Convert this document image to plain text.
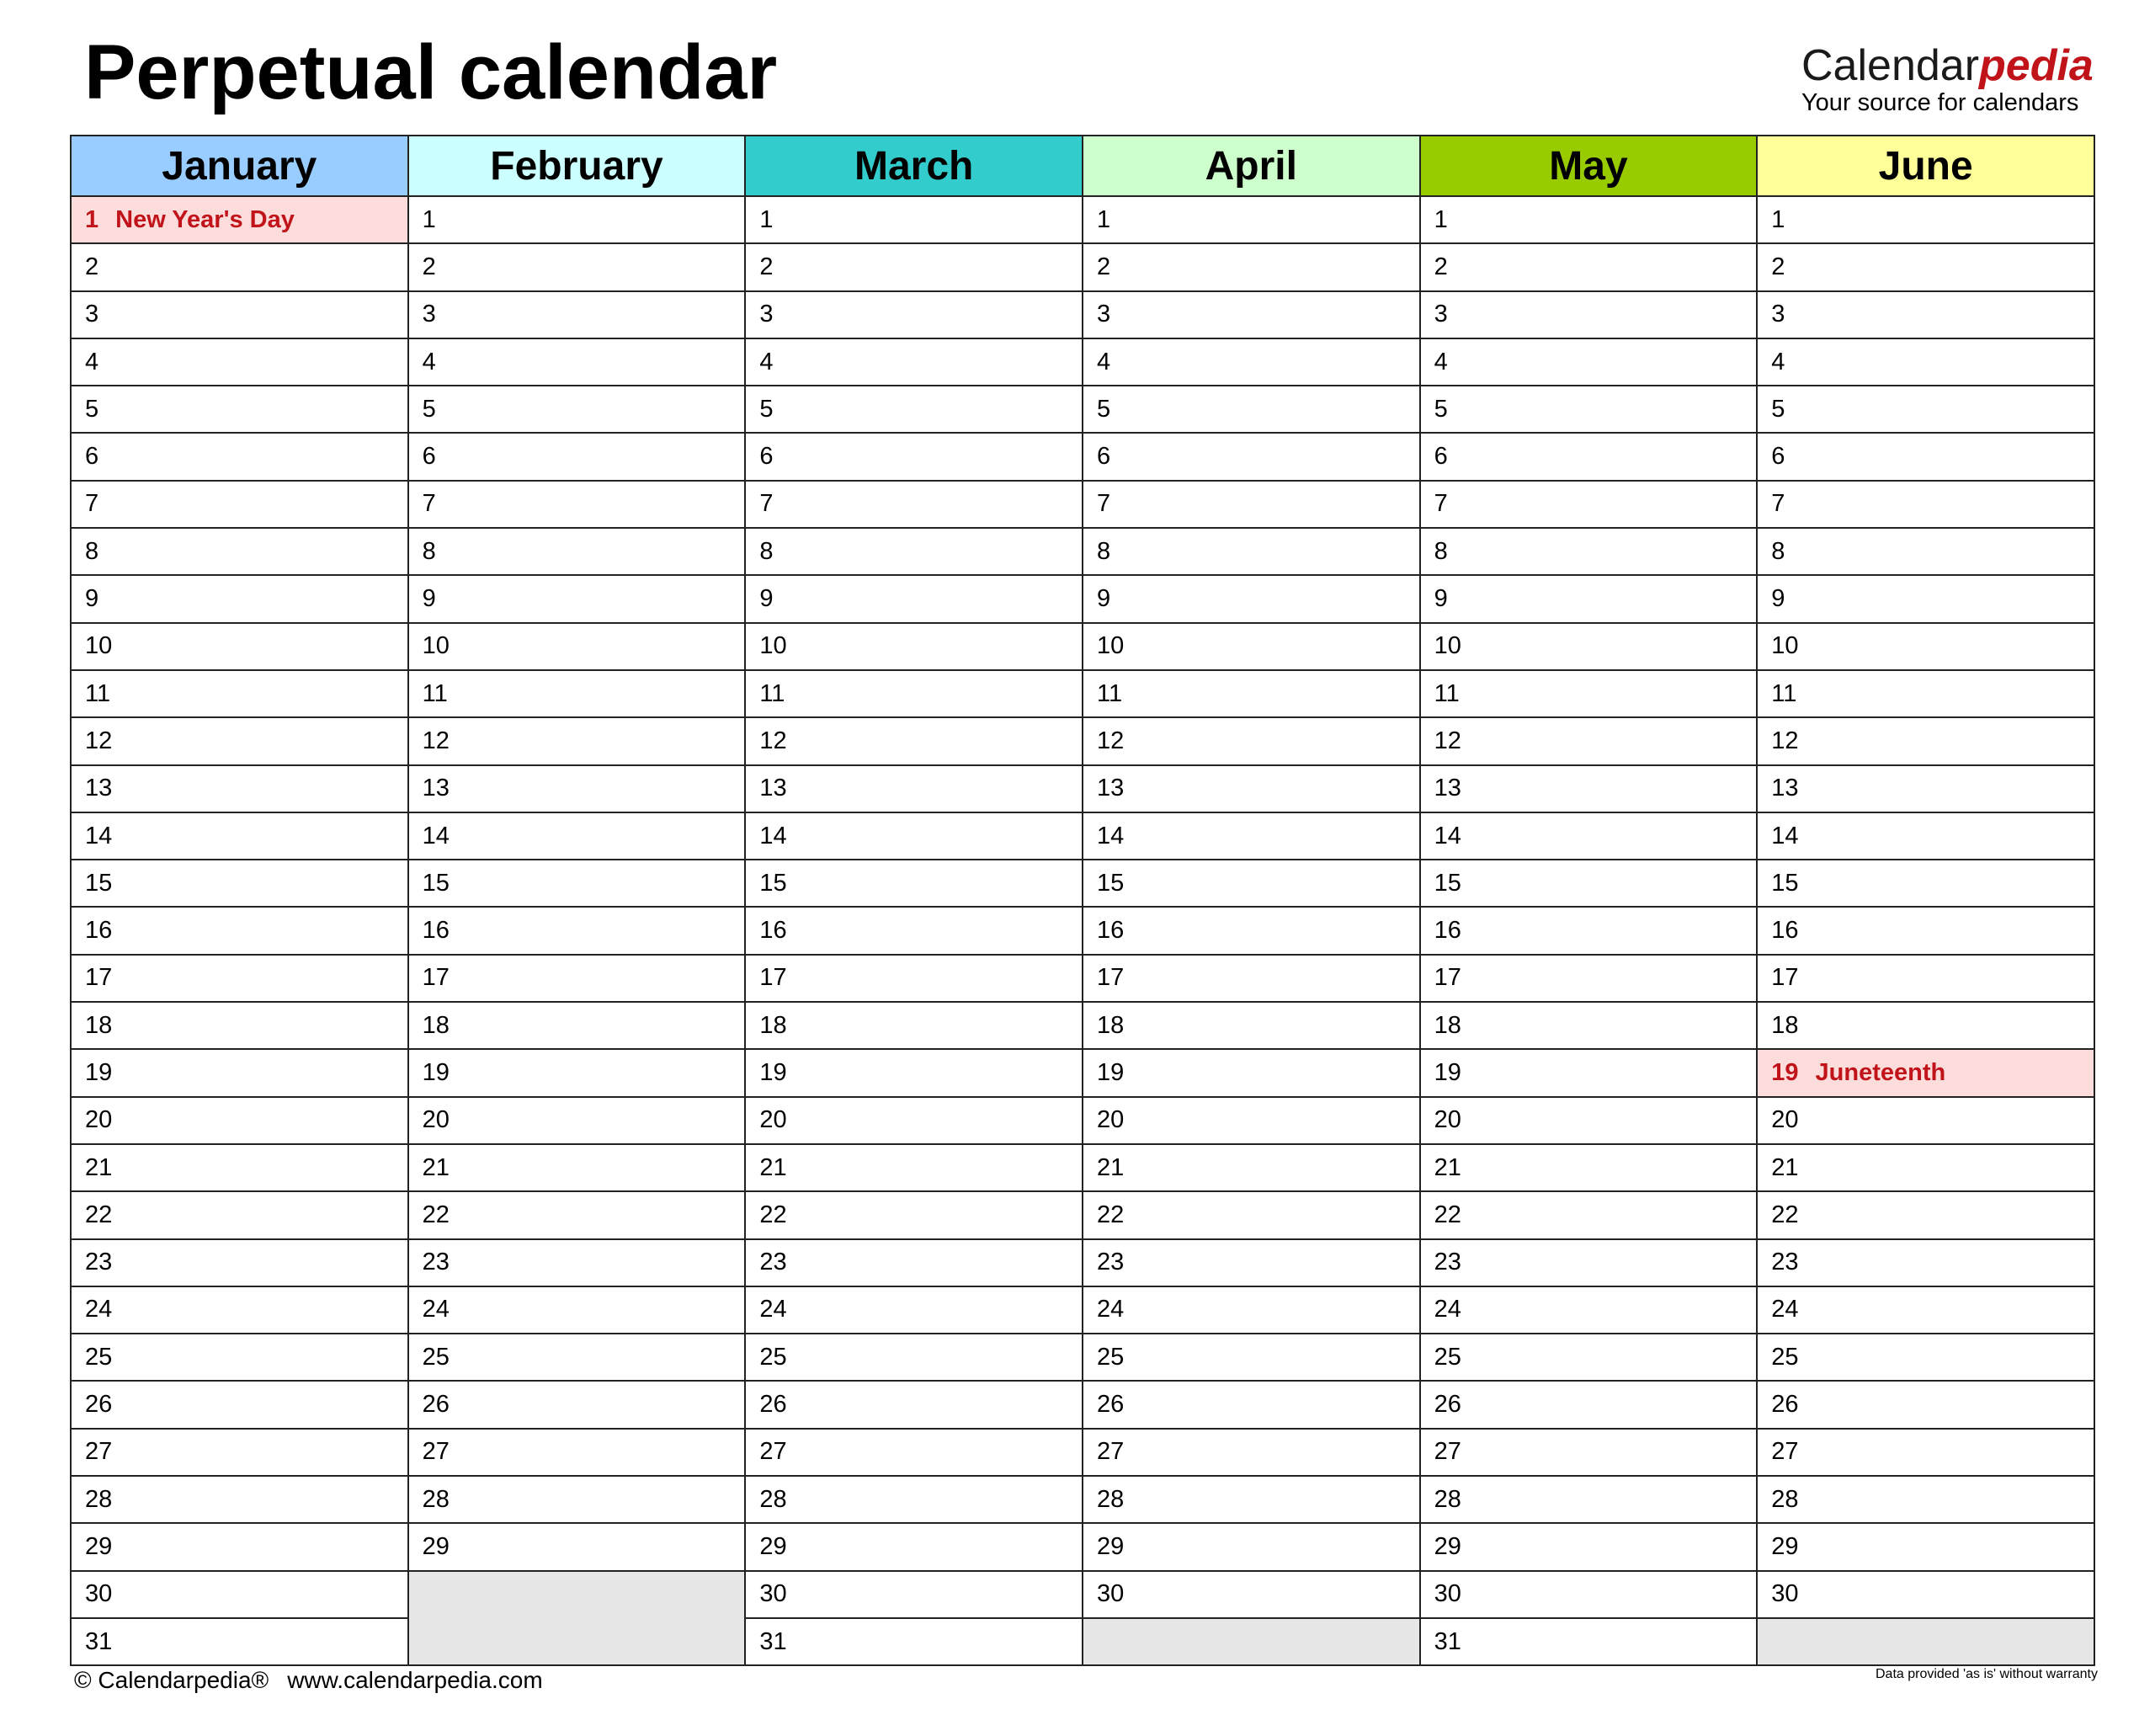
Perpetual calendar	Calendarpedia
Your source for calendars
January	February	March	April	May	June
1 New Year's Day	1	1	1	1	1
2	2	2	2	2	2
3	3	3	3	3	3
4	4	4	4	4	4
5	5	5	5	5	5
6	6	6	6	6	6
7	7	7	7	7	7
8	8	8	8	8	8
9	9	9	9	9	9
10	10	10	10	10	10
11	11	11	11	11	11
12	12	12	12	12	12
13	13	13	13	13	13
14	14	14	14	14	14
15	15	15	15	15	15
16	16	16	16	16	16
17	17	17	17	17	17
18	18	18	18	18	18
19	19	19	19	19	19 Juneteenth
20	20	20	20	20	20
21	21	21	21	21	21
22	22	22	22	22	22
23	23	23	23	23	23
24	24	24	24	24	24
25	25	25	25	25	25
26	26	26	26	26	26
27	27	27	27	27	27
28	28	28	28	28	28
29	29	29	29	29	29
30		30	30	30	30
31		31		31	
© Calendarpedia® www.calendarpedia.com	Data provided 'as is' without warranty
